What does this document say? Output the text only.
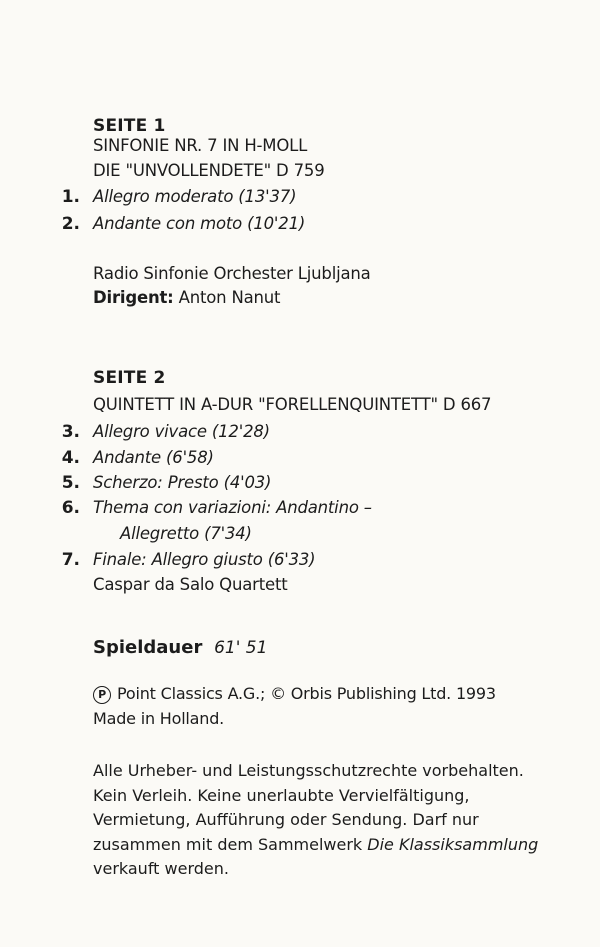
SEITE 1
SINFONIE NR. 7 IN H-MOLL
DIE "UNVOLLENDETE" D 759
1. Allegro moderato (13'37)
2. Andante con moto (10'21)
Radio Sinfonie Orchester Ljubljana
Dirigent: Anton Nanut
SEITE 2
QUINTETT IN A-DUR "FORELLENQUINTETT" D 667
3. Allegro vivace (12'28)
4. Andante (6'58)
5. Scherzo: Presto (4'03)
6. Thema con variazioni: Andantino –
Allegretto (7'34)
7. Finale: Allegro giusto (6'33)
Caspar da Salo Quartett
Spieldauer 61' 51
P Point Classics A.G.; © Orbis Publishing Ltd. 1993
Made in Holland.
Alle Urheber- und Leistungsschutzrechte vorbehalten. Kein Verleih. Keine unerlaubte Vervielfältigung, Vermietung, Aufführung oder Sendung. Darf nur zusammen mit dem Sammelwerk Die Klassiksammlung verkauft werden.
